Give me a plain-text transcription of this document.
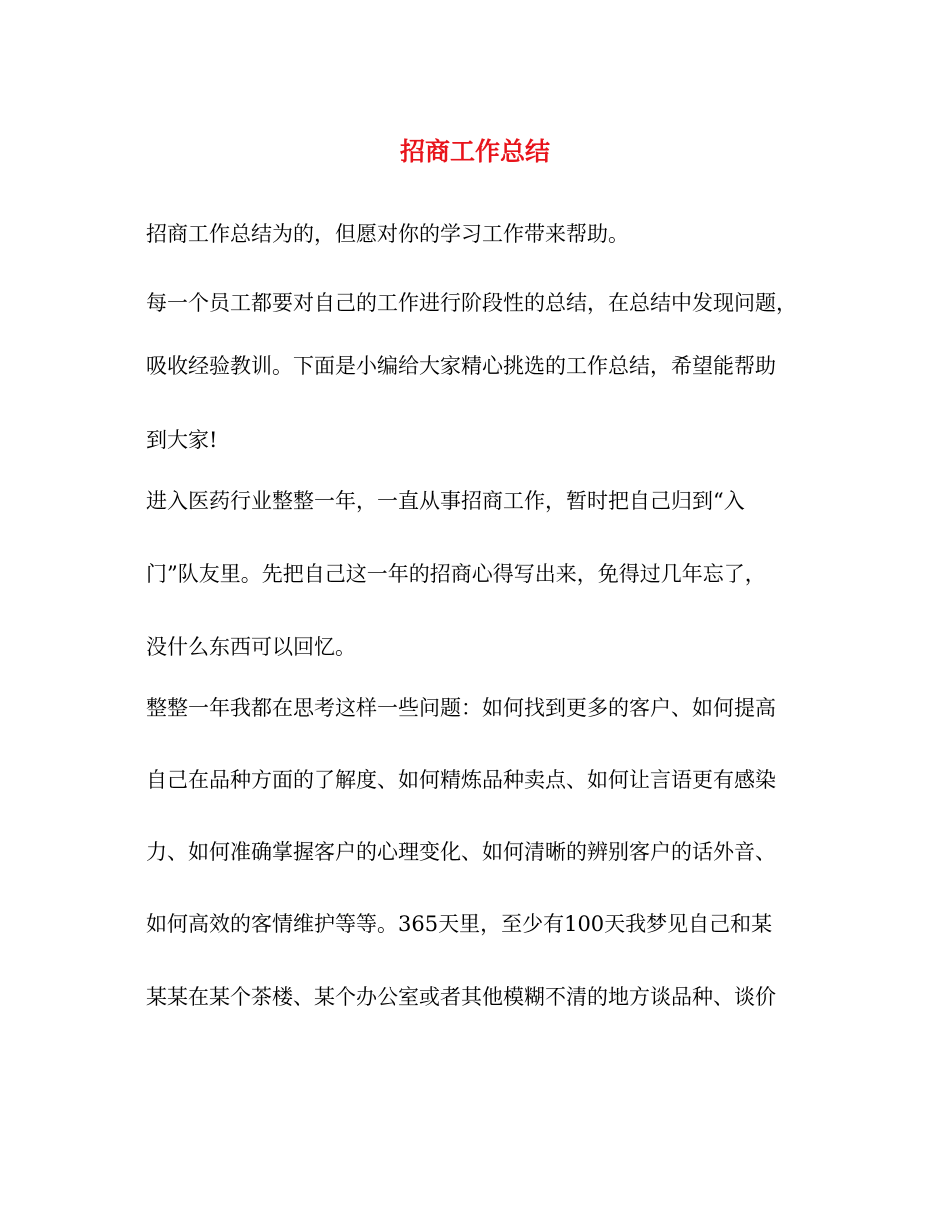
招商工作总结

招商工作总结为的，但愿对你的学习工作带来帮助。

每一个员工都要对自己的工作进行阶段性的总结，在总结中发现问题，

吸收经验教训。下面是小编给大家精心挑选的工作总结，希望能帮助

到大家!

进入医药行业整整一年，一直从事招商工作，暂时把自己归到“入

门”队友里。先把自己这一年的招商心得写出来，免得过几年忘了，

没什么东西可以回忆。

整整一年我都在思考这样一些问题：如何找到更多的客户、如何提高

自己在品种方面的了解度、如何精炼品种卖点、如何让言语更有感染

力、如何准确掌握客户的心理变化、如何清晰的辨别客户的话外音、

如何高效的客情维护等等。365天里，至少有100天我梦见自己和某

某某在某个茶楼、某个办公室或者其他模糊不清的地方谈品种、谈价
